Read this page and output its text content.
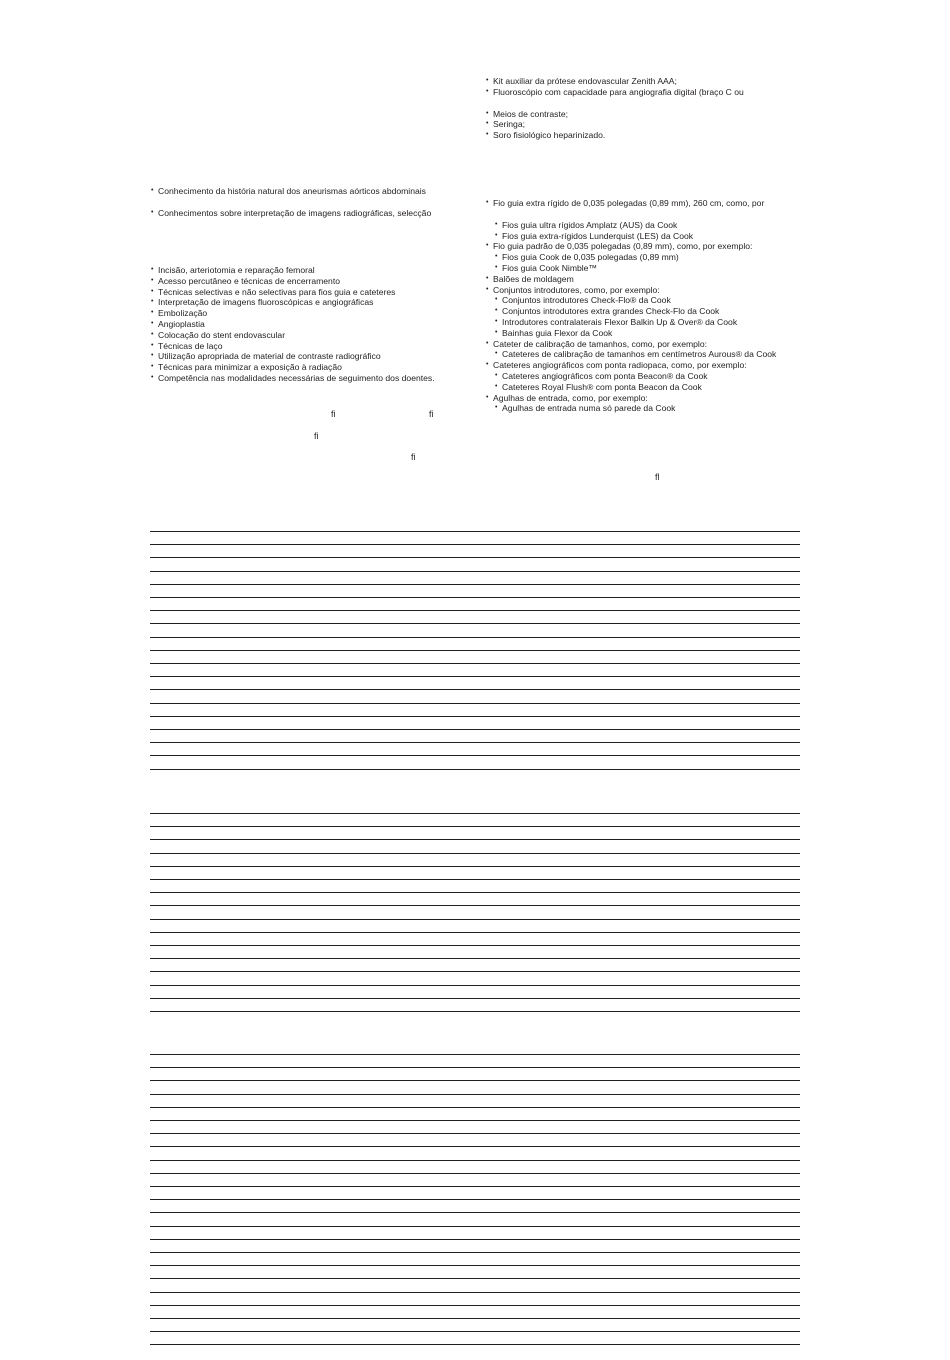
• Kit auxiliar da prótese endovascular Zenith AAA;
• Fluoroscópio com capacidade para angiografia digital (braço C ou
• Meios de contraste;
• Seringa;
• Soro fisiológico heparinizado.
• Conhecimento da história natural dos aneurismas aórticos abdominais
• Conhecimentos sobre interpretação de imagens radiográficas, selecção
• Incisão, arteriotomia e reparação femoral
• Acesso percutâneo e técnicas de encerramento
• Técnicas selectivas e não selectivas para fios guia e cateteres
• Interpretação de imagens fluoroscópicas e angiográficas
• Embolização
• Angioplastia
• Colocação do stent endovascular
• Técnicas de laço
• Utilização apropriada de material de contraste radiográfico
• Técnicas para minimizar a exposição à radiação
• Competência nas modalidades necessárias de seguimento dos doentes.
• Fio guia extra rígido de 0,035 polegadas (0,89 mm), 260 cm, como, por
• Fios guia ultra rígidos Amplatz (AUS) da Cook
• Fios guia extra-rígidos Lunderquist (LES) da Cook
• Fio guia padrão de 0,035 polegadas (0,89 mm), como, por exemplo:
• Fios guia Cook de 0,035 polegadas (0,89 mm)
• Fios guia Cook Nimble™
• Balões de moldagem
• Conjuntos introdutores, como, por exemplo:
• Conjuntos introdutores Check-Flo® da Cook
• Conjuntos introdutores extra grandes Check-Flo da Cook
• Introdutores contralaterais Flexor Balkin Up & Over® da Cook
• Bainhas guia Flexor da Cook
• Cateter de calibração de tamanhos, como, por exemplo:
• Cateteres de calibração de tamanhos em centímetros Aurous® da Cook
• Cateteres angiográficos com ponta radiopaca, como, por exemplo:
• Cateteres angiográficos com ponta Beacon® da Cook
• Cateteres Royal Flush® com ponta Beacon da Cook
• Agulhas de entrada, como, por exemplo:
• Agulhas de entrada numa só parede da Cook
ﬁ	ﬁ
ﬁ
ﬁ
ﬂ
